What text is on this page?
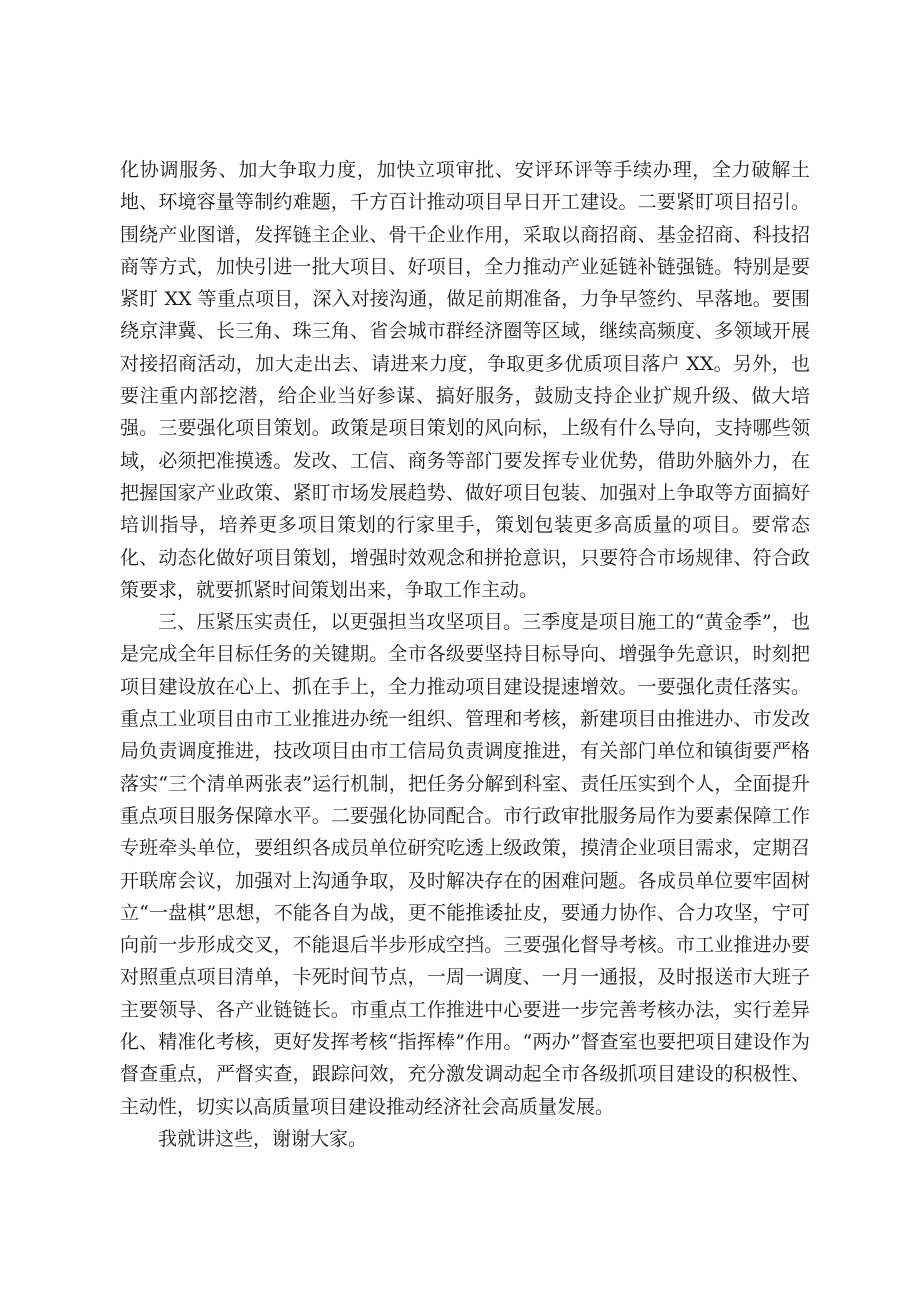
化协调服务、加大争取力度，加快立项审批、安评环评等手续办理，全力破解土地、环境容量等制约难题，千方百计推动项目早日开工建设。二要紧盯项目招引。围绕产业图谱，发挥链主企业、骨干企业作用，采取以商招商、基金招商、科技招商等方式，加快引进一批大项目、好项目，全力推动产业延链补链强链。特别是要紧盯 XX 等重点项目，深入对接沟通，做足前期准备，力争早签约、早落地。要围绕京津冀、长三角、珠三角、省会城市群经济圈等区域，继续高频度、多领域开展对接招商活动，加大走出去、请进来力度，争取更多优质项目落户 XX。另外，也要注重内部挖潜，给企业当好参谋、搞好服务，鼓励支持企业扩规升级、做大培强。三要强化项目策划。政策是项目策划的风向标，上级有什么导向，支持哪些领域，必须把准摸透。发改、工信、商务等部门要发挥专业优势，借助外脑外力，在把握国家产业政策、紧盯市场发展趋势、做好项目包装、加强对上争取等方面搞好培训指导，培养更多项目策划的行家里手，策划包装更多高质量的项目。要常态化、动态化做好项目策划，增强时效观念和拼抢意识，只要符合市场规律、符合政策要求，就要抓紧时间策划出来，争取工作主动。

三、压紧压实责任，以更强担当攻坚项目。三季度是项目施工的“黄金季”，也是完成全年目标任务的关键期。全市各级要坚持目标导向、增强争先意识，时刻把项目建设放在心上、抓在手上，全力推动项目建设提速增效。一要强化责任落实。重点工业项目由市工业推进办统一组织、管理和考核，新建项目由推进办、市发改局负责调度推进，技改项目由市工信局负责调度推进，有关部门单位和镇街要严格落实“三个清单两张表”运行机制，把任务分解到科室、责任压实到个人，全面提升重点项目服务保障水平。二要强化协同配合。市行政审批服务局作为要素保障工作专班牵头单位，要组织各成员单位研究吃透上级政策，摸清企业项目需求，定期召开联席会议，加强对上沟通争取，及时解决存在的困难问题。各成员单位要牢固树立“一盘棋”思想，不能各自为战，更不能推诿扯皮，要通力协作、合力攻坚，宁可向前一步形成交叉，不能退后半步形成空挡。三要强化督导考核。市工业推进办要对照重点项目清单，卡死时间节点，一周一调度、一月一通报，及时报送市大班子主要领导、各产业链链长。市重点工作推进中心要进一步完善考核办法，实行差异化、精准化考核，更好发挥考核“指挥棒”作用。“两办”督查室也要把项目建设作为督查重点，严督实查，跟踪问效，充分激发调动起全市各级抓项目建设的积极性、主动性，切实以高质量项目建设推动经济社会高质量发展。

我就讲这些，谢谢大家。
